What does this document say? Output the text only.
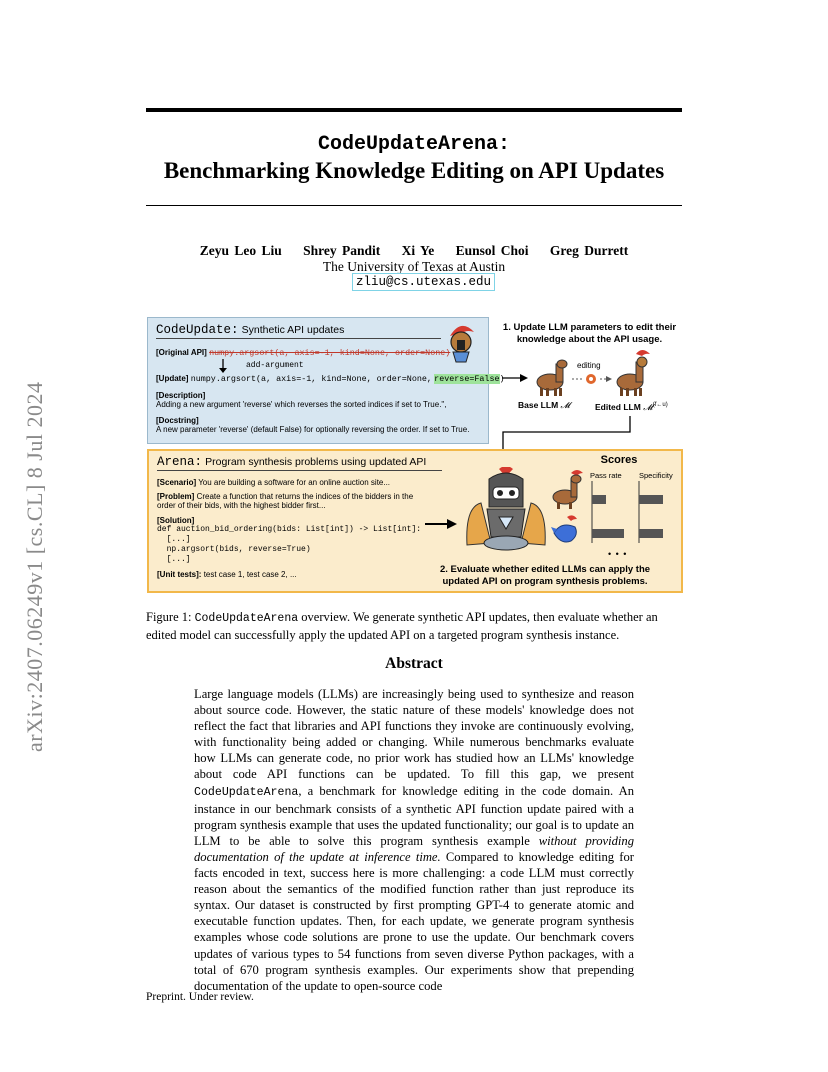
arXiv:2407.06249v1 [cs.CL] 8 Jul 2024
CodeUpdateArena:
Benchmarking Knowledge Editing on API Updates
Zeyu Leo Liu Shrey Pandit Xi Ye Eunsol Choi Greg Durrett
The University of Texas at Austin
zliu@cs.utexas.edu
CodeUpdate: Synthetic API updates
[Original API] numpy.argsort(a, axis=-1, kind=None, order=None)
add-argument
[Update] numpy.argsort(a, axis=-1, kind=None, order=None, reverse=False)
[Description]
Adding a new argument 'reverse' which reverses the sorted indices if set to True.",
[Docstring]
A new parameter 'reverse' (default False) for optionally reversing the order. If set to True.
1. Update LLM parameters to edit their
knowledge about the API usage.
editing
Base LLM 𝓜	Edited LLM 𝓜$^{(f\leftarrow u)}$
Arena: Program synthesis problems using updated API
[Scenario] You are building a software for an online auction site...
[Problem] Create a function that returns the indices of the bidders in the
order of their bids, with the highest bidder first...
[Solution]
def auction_bid_ordering(bids: List[int]) -> List[int]:
[...]
np.argsort(bids, reverse=True)
[...]
[Unit tests]: test case 1, test case 2, ...
Scores
Pass rate Specificity
• • •
2. Evaluate whether edited LLMs can apply the
updated API on program synthesis problems.
Figure 1: CodeUpdateArena overview. We generate synthetic API updates, then evaluate whether an edited model can successfully apply the updated API on a targeted program synthesis instance.
Abstract
Large language models (LLMs) are increasingly being used to synthesize and reason about source code. However, the static nature of these models' knowledge does not reflect the fact that libraries and API functions they invoke are continuously evolving, with functionality being added or changing. While numerous benchmarks evaluate how LLMs can generate code, no prior work has studied how an LLMs' knowledge about code API functions can be updated. To fill this gap, we present CodeUpdateArena, a benchmark for knowledge editing in the code domain. An instance in our benchmark consists of a synthetic API function update paired with a program synthesis example that uses the updated functionality; our goal is to update an LLM to be able to solve this program synthesis example without providing documentation of the update at inference time. Compared to knowledge editing for facts encoded in text, success here is more challenging: a code LLM must correctly reason about the semantics of the modified function rather than just reproduce its syntax. Our dataset is constructed by first prompting GPT-4 to generate atomic and executable function updates. Then, for each update, we generate program synthesis examples whose code solutions are prone to use the update. Our benchmark covers updates of various types to 54 functions from seven diverse Python packages, with a total of 670 program synthesis examples. Our experiments show that prepending documentation of the update to open-source code
Preprint. Under review.
